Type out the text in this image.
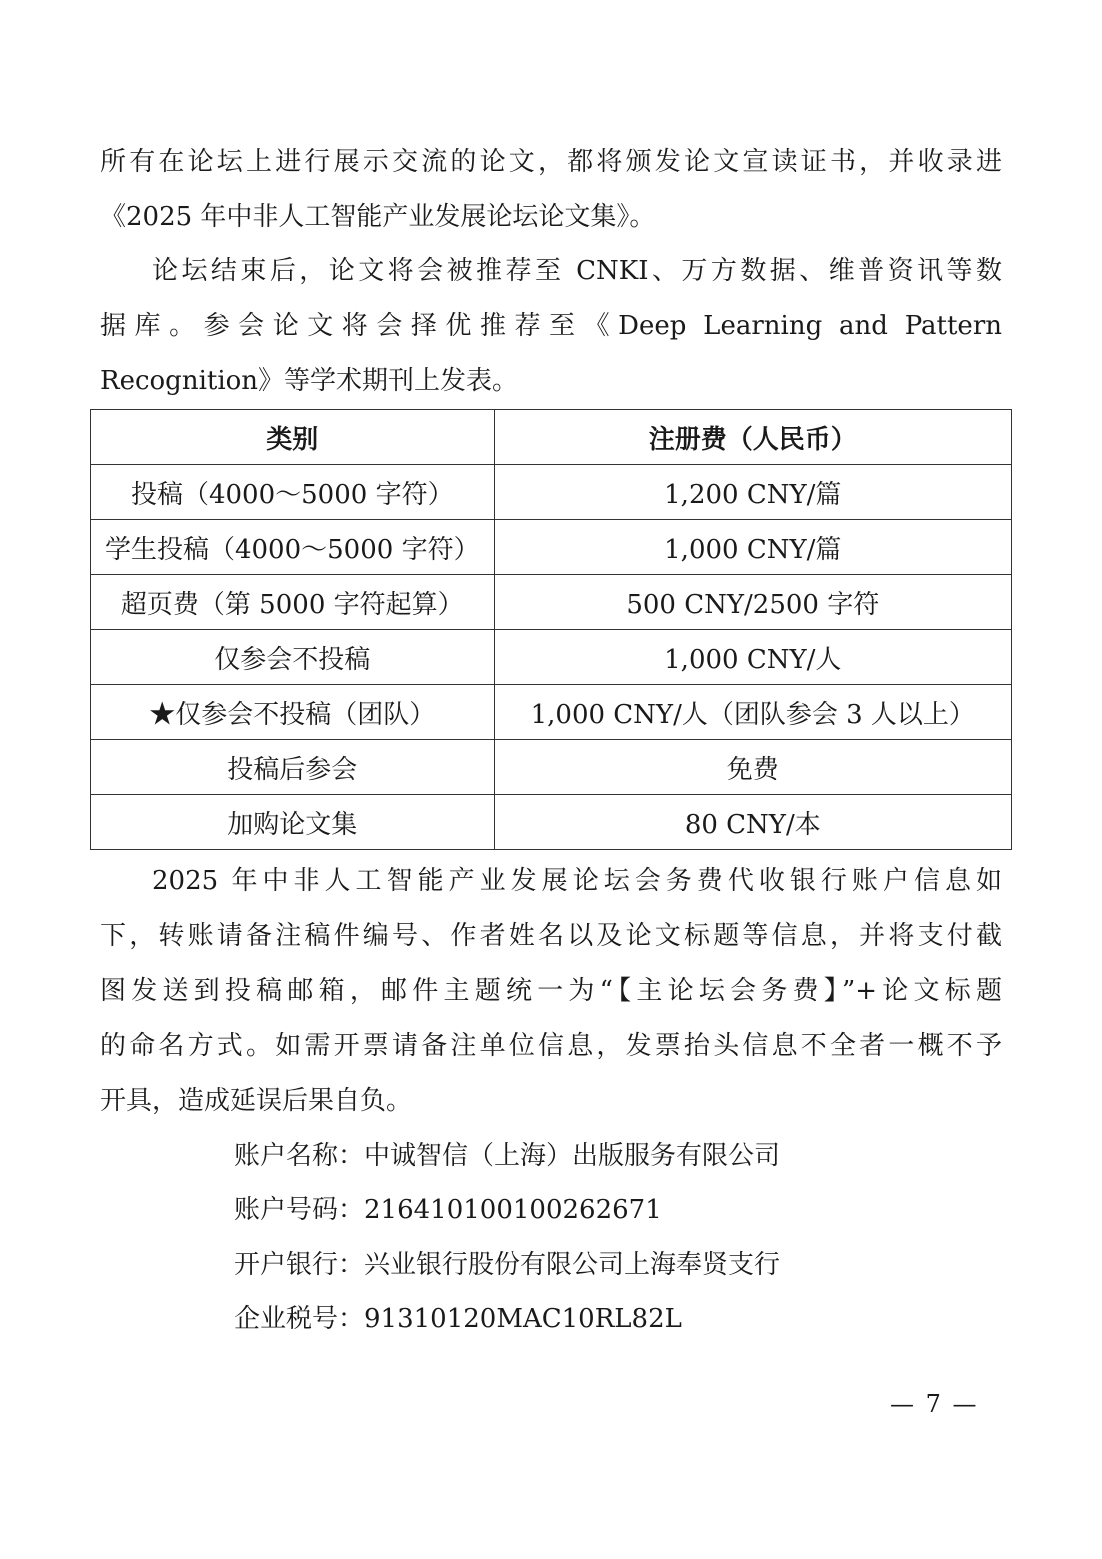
所有在论坛上进行展示交流的论文，都将颁发论文宣读证书，并收录进

《2025 年中非人工智能产业发展论坛论文集》。

论坛结束后，论文将会被推荐至 CNKI、万方数据、维普资讯等数

据库。参会论文将会择优推荐至《Deep Learning and Pattern

Recognition》等学术期刊上发表。

类别	注册费（人民币）
投稿（4000～5000 字符）	1,200 CNY/篇
学生投稿（4000～5000 字符）	1,000 CNY/篇
超页费（第 5000 字符起算）	500 CNY/2500 字符
仅参会不投稿	1,000 CNY/人
★仅参会不投稿（团队）	1,000 CNY/人（团队参会 3 人以上）
投稿后参会	免费
加购论文集	80 CNY/本

2025 年中非人工智能产业发展论坛会务费代收银行账户信息如

下，转账请备注稿件编号、作者姓名以及论文标题等信息，并将支付截

图发送到投稿邮箱，邮件主题统一为“【主论坛会务费】”+论文标题

的命名方式。如需开票请备注单位信息，发票抬头信息不全者一概不予

开具，造成延误后果自负。

账户名称：中诚智信（上海）出版服务有限公司
账户号码：216410100100262671
开户银行：兴业银行股份有限公司上海奉贤支行
企业税号：91310120MAC10RL82L
— 7 —
